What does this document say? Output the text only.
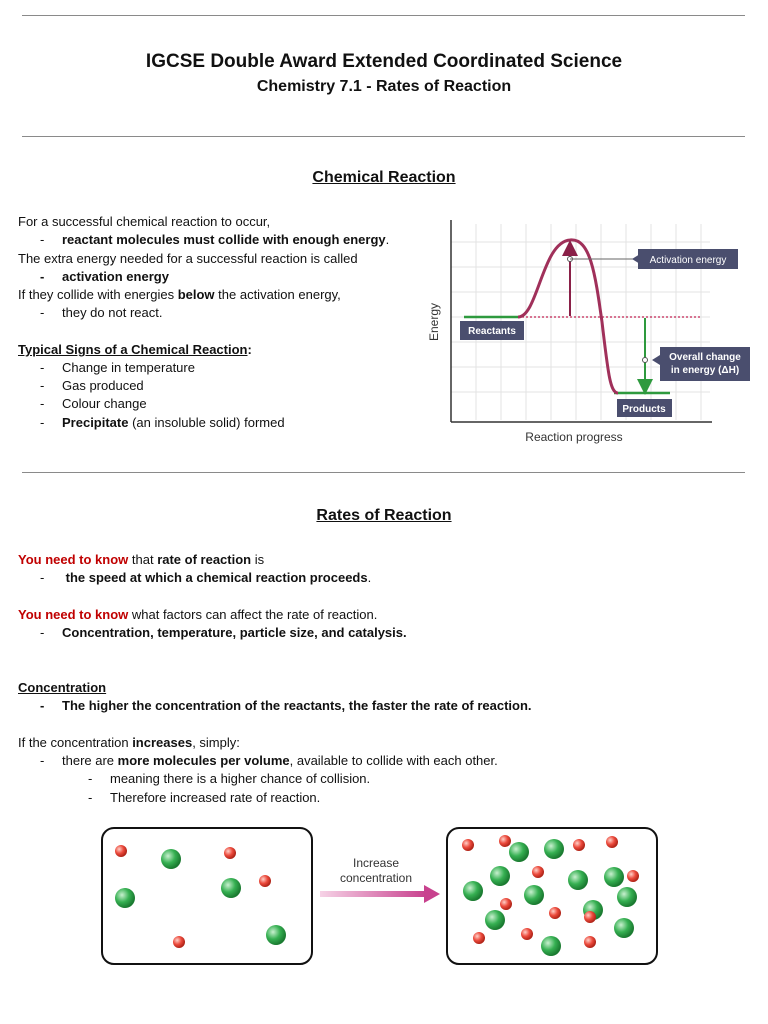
IGCSE Double Award Extended Coordinated Science
Chemistry 7.1 - Rates of Reaction
Chemical Reaction
For a successful chemical reaction to occur,
- reactant molecules must collide with enough energy.
The extra energy needed for a successful reaction is called
- activation energy
If they collide with energies below the activation energy,
- they do not react.
Typical Signs of a Chemical Reaction:
- Change in temperature
- Gas produced
- Colour change
- Precipitate (an insoluble solid) formed
Energy
Reaction progress
Activation energy
Reactants
Overall change
in energy (ΔH)
Products
Rates of Reaction
You need to know that rate of reaction is
- the speed at which a chemical reaction proceeds.
You need to know what factors can affect the rate of reaction.
- Concentration, temperature, particle size, and catalysis.
Concentration
- The higher the concentration of the reactants, the faster the rate of reaction.
If the concentration increases, simply:
- there are more molecules per volume, available to collide with each other.
- meaning there is a higher chance of collision.
- Therefore increased rate of reaction.
Increase
concentration
